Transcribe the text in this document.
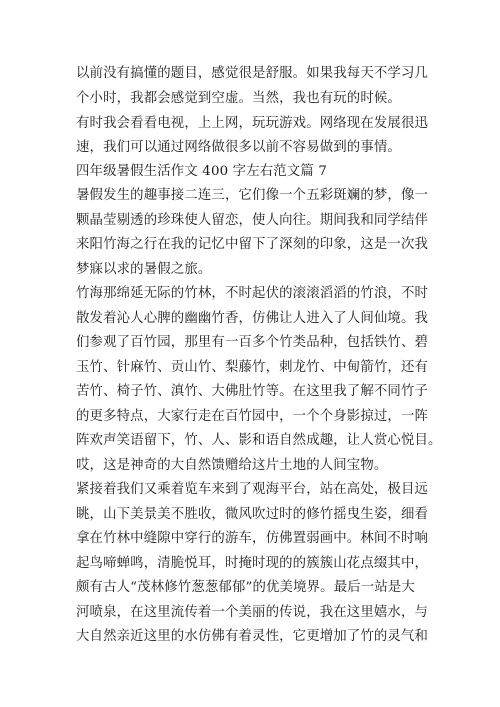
以前没有搞懂的题目，感觉很是舒服。如果我每天不学习几
个小时，我都会感觉到空虚。当然，我也有玩的时候。
有时我会看看电视，上上网，玩玩游戏。网络现在发展很迅
速，我们可以通过网络做很多以前不容易做到的事情。
四年级暑假生活作文 400 字左右范文篇 7
暑假发生的趣事接二连三，它们像一个五彩斑斓的梦，像一
颗晶莹剔透的珍珠使人留恋，使人向往。期间我和同学结伴
来阳竹海之行在我的记忆中留下了深刻的印象，这是一次我
梦寐以求的暑假之旅。
竹海那绵延无际的竹林，不时起伏的滚滚滔滔的竹浪，不时
散发着沁人心脾的幽幽竹香，仿佛让人进入了人间仙境。我
们参观了百竹园，那里有一百多个竹类品种，包括铁竹、碧
玉竹、针麻竹、贡山竹、梨藤竹，刺龙竹、中甸箭竹，还有
苦竹、椅子竹、滇竹、大佛肚竹等。在这里我了解不同竹子
的更多特点，大家行走在百竹园中，一个个身影掠过，一阵
阵欢声笑语留下，竹、人、影和语自然成趣，让人赏心悦目。
哎，这是神奇的大自然馈赠给这片土地的人间宝物。
紧接着我们又乘着览车来到了观海平台，站在高处，极目远
眺，山下美景美不胜收，微风吹过时的修竹摇曳生姿，细看
拿在竹林中缝隙中穿行的游车，仿佛置弱画中。林间不时响
起鸟啼蝉鸣，清脆悦耳，时掩时现的的簇簇山花点缀其中，
颇有古人“茂林修竹葱葱郁郁”的优美境界。最后一站是大
河喷泉，在这里流传着一个美丽的传说，我在这里嬉水，与
大自然亲近这里的水仿佛有着灵性，它更增加了竹的灵气和
